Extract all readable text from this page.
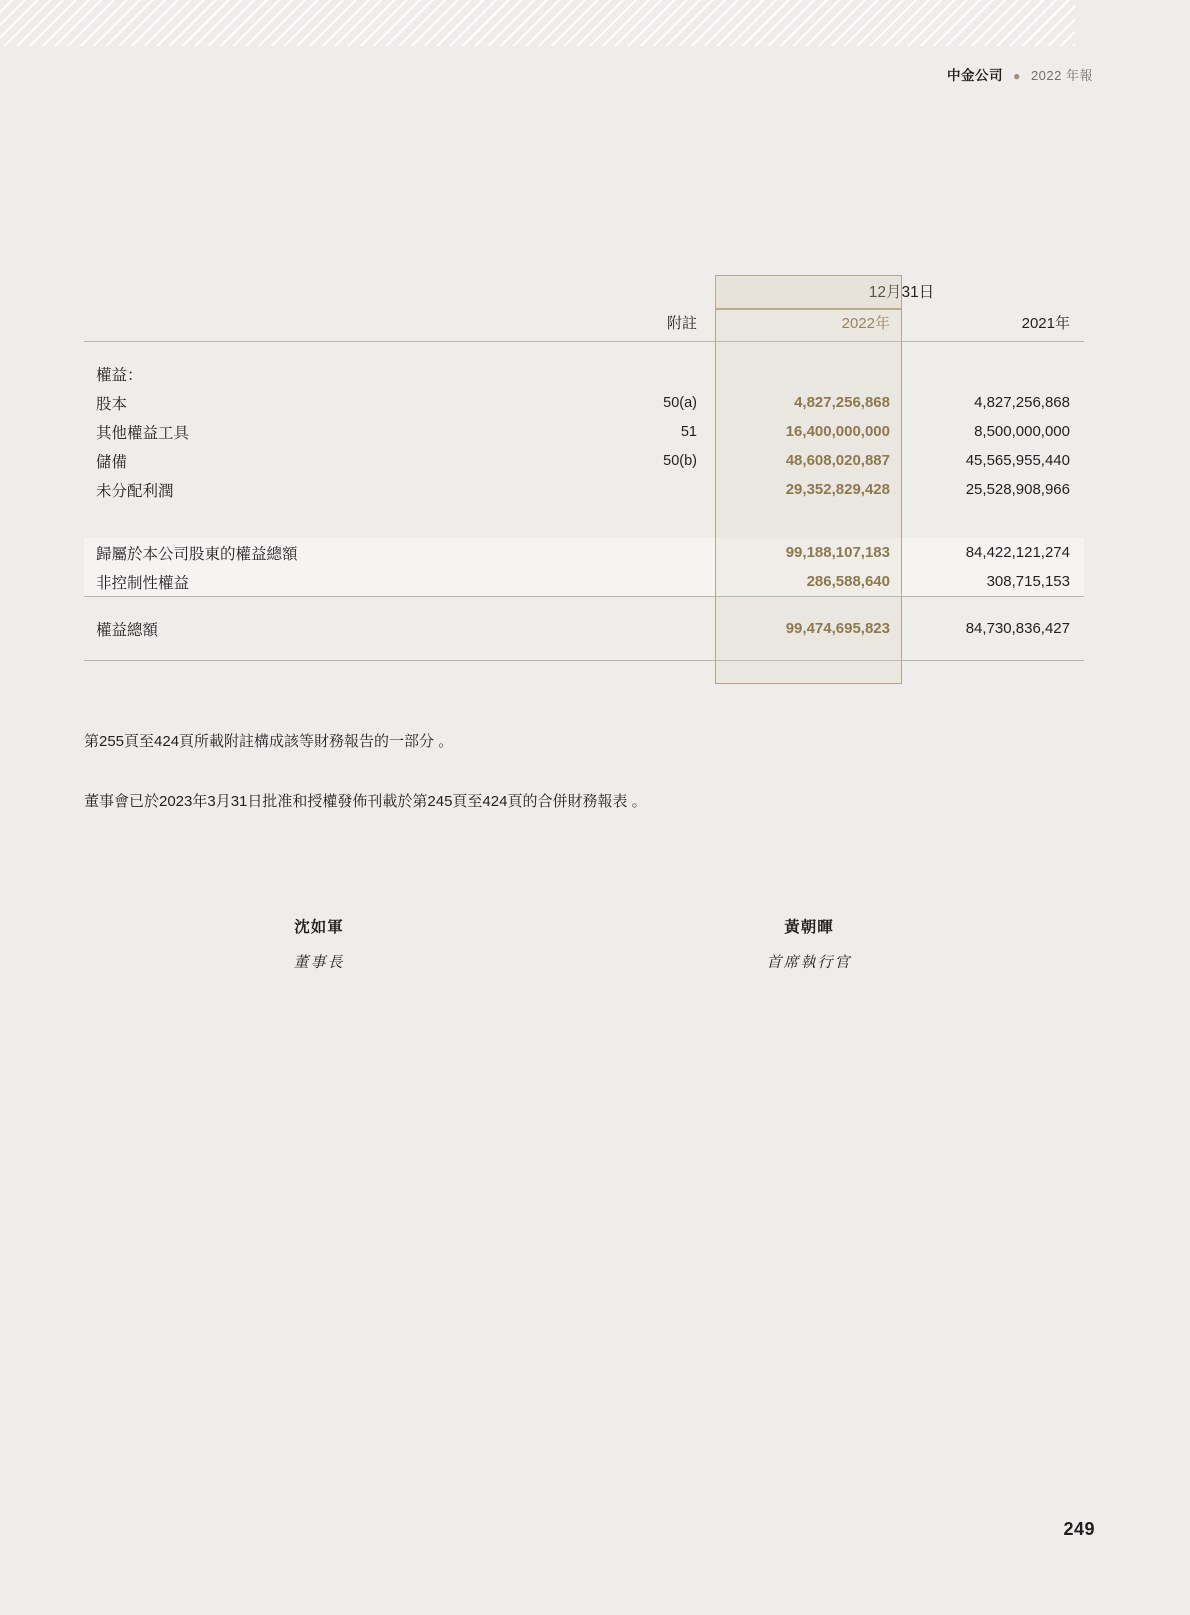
中金公司 ● 2022 年報
		12月31日	
	附註	2022年	2021年

權益：			
股本	50(a)	4,827,256,868	4,827,256,868
其他權益工具	51	16,400,000,000	8,500,000,000
儲備	50(b)	48,608,020,887	45,565,955,440
未分配利潤		29,352,829,428	25,528,908,966

歸屬於本公司股東的權益總額		99,188,107,183	84,422,121,274
非控制性權益		286,588,640	308,715,153

權益總額		99,474,695,823	84,730,836,427

第255頁至424頁所載附註構成該等財務報告的一部分 。
董事會已於2023年3月31日批准和授權發佈刊載於第245頁至424頁的合併財務報表 。
沈如軍
董事長
黃朝暉
首席執行官
249
